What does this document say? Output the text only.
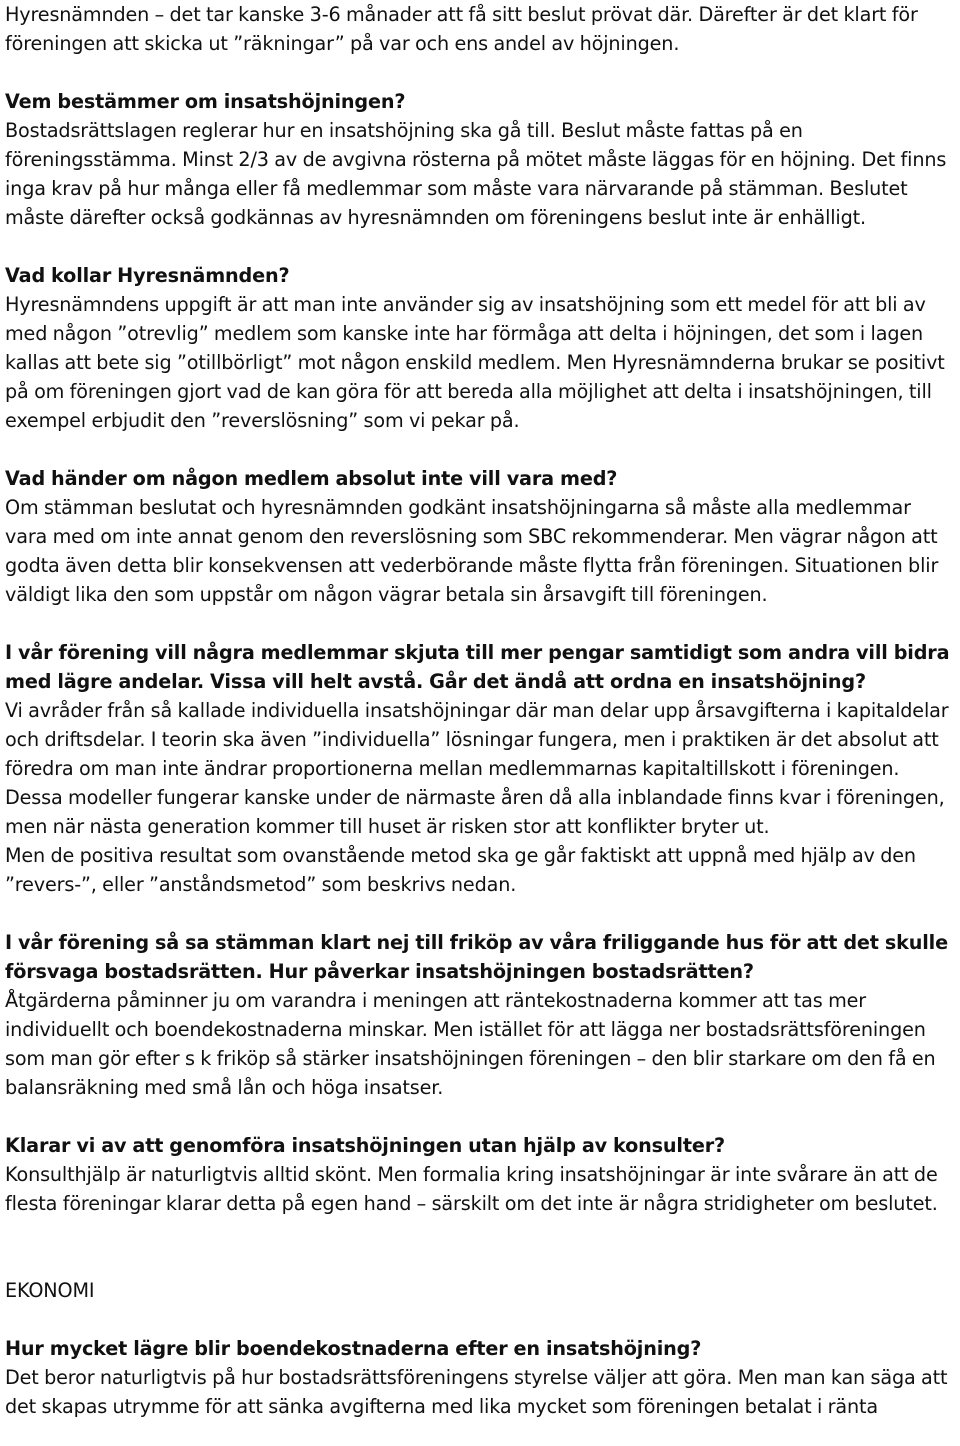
Hyresnämnden – det tar kanske 3-6 månader att få sitt beslut prövat där. Därefter är det klart för föreningen att skicka ut ”räkningar” på var och ens andel av höjningen.

Vem bestämmer om insatshöjningen?

Bostadsrättslagen reglerar hur en insatshöjning ska gå till. Beslut måste fattas på en föreningsstämma. Minst 2/3 av de avgivna rösterna på mötet måste läggas för en höjning. Det finns inga krav på hur många eller få medlemmar som måste vara närvarande på stämman. Beslutet måste därefter också godkännas av hyresnämnden om föreningens beslut inte är enhälligt.

Vad kollar Hyresnämnden?

Hyresnämndens uppgift är att man inte använder sig av insatshöjning som ett medel för att bli av med någon ”otrevlig” medlem som kanske inte har förmåga att delta i höjningen, det som i lagen kallas att bete sig ”otillbörligt” mot någon enskild medlem. Men Hyresnämnderna brukar se positivt på om föreningen gjort vad de kan göra för att bereda alla möjlighet att delta i insatshöjningen, till exempel erbjudit den ”reverslösning” som vi pekar på.

Vad händer om någon medlem absolut inte vill vara med?

Om stämman beslutat och hyresnämnden godkänt insatshöjningarna så måste alla medlemmar vara med om inte annat genom den reverslösning som SBC rekommenderar. Men vägrar någon att godta även detta blir konsekvensen att vederbörande måste flytta från föreningen. Situationen blir väldigt lika den som uppstår om någon vägrar betala sin årsavgift till föreningen.

I vår förening vill några medlemmar skjuta till mer pengar samtidigt som andra vill bidra med lägre andelar. Vissa vill helt avstå. Går det ändå att ordna en insatshöjning?

Vi avråder från så kallade individuella insatshöjningar där man delar upp årsavgifterna i kapitaldelar och driftsdelar. I teorin ska även ”individuella” lösningar fungera, men i praktiken är det absolut att föredra om man inte ändrar proportionerna mellan medlemmarnas kapitaltillskott i föreningen. Dessa modeller fungerar kanske under de närmaste åren då alla inblandade finns kvar i föreningen, men när nästa generation kommer till huset är risken stor att konflikter bryter ut.

Men de positiva resultat som ovanstående metod ska ge går faktiskt att uppnå med hjälp av den ”revers-”, eller ”anståndsmetod” som beskrivs nedan.

I vår förening så sa stämman klart nej till friköp av våra friliggande hus för att det skulle försvaga bostadsrätten. Hur påverkar insatshöjningen bostadsrätten?

Åtgärderna påminner ju om varandra i meningen att räntekostnaderna kommer att tas mer individuellt och boendekostnaderna minskar. Men istället för att lägga ner bostadsrättsföreningen som man gör efter s k friköp så stärker insatshöjningen föreningen – den blir starkare om den få en balansräkning med små lån och höga insatser.

Klarar vi av att genomföra insatshöjningen utan hjälp av konsulter?

Konsulthjälp är naturligtvis alltid skönt. Men formalia kring insatshöjningar är inte svårare än att de flesta föreningar klarar detta på egen hand – särskilt om det inte är några stridigheter om beslutet.

EKONOMI

Hur mycket lägre blir boendekostnaderna efter en insatshöjning?

Det beror naturligtvis på hur bostadsrättsföreningens styrelse väljer att göra. Men man kan säga att det skapas utrymme för att sänka avgifterna med lika mycket som föreningen betalat i ränta
